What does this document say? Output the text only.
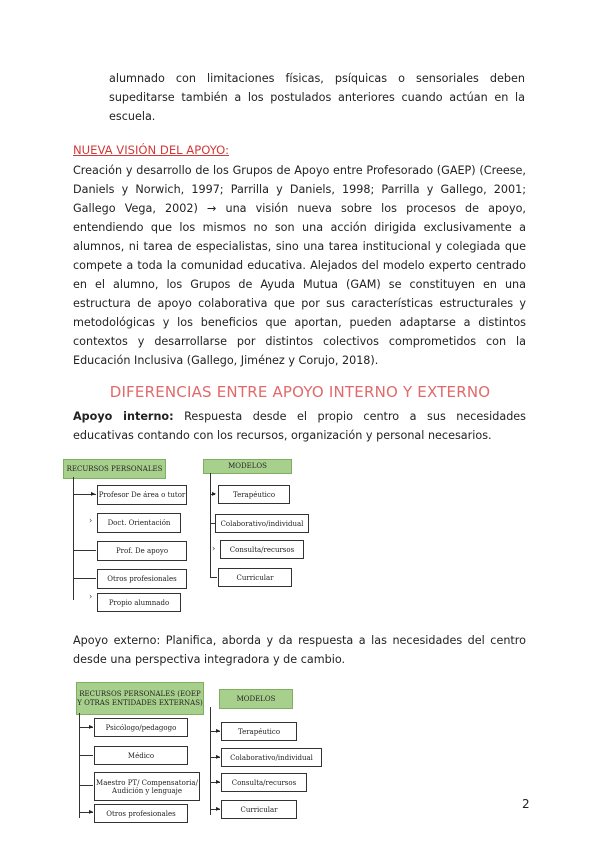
alumnado con limitaciones físicas, psíquicas o sensoriales deben supeditarse también a los postulados anteriores cuando actúan en la escuela.

NUEVA VISIÓN DEL APOYO:

Creación y desarrollo de los Grupos de Apoyo entre Profesorado (GAEP) (Creese, Daniels y Norwich, 1997; Parrilla y Daniels, 1998; Parrilla y Gallego, 2001; Gallego Vega, 2002) → una visión nueva sobre los procesos de apoyo, entendiendo que los mismos no son una acción dirigida exclusivamente a alumnos, ni tarea de especialistas, sino una tarea institucional y colegiada que compete a toda la comunidad educativa. Alejados del modelo experto centrado en el alumno, los Grupos de Ayuda Mutua (GAM) se constituyen en una estructura de apoyo colaborativa que por sus características estructurales y metodológicas y los beneficios que aportan, pueden adaptarse a distintos contextos y desarrollarse por distintos colectivos comprometidos con la Educación Inclusiva (Gallego, Jiménez y Corujo, 2018).

DIFERENCIAS ENTRE APOYO INTERNO Y EXTERNO

Apoyo interno: Respuesta desde el propio centro a sus necesidades educativas contando con los recursos, organización y personal necesarios.

RECURSOS PERSONALES	MODELOS
▸ Profesor De área o tutor
›	Doct. Orientación
Prof. De apoyo
Otros profesionales
›
Propio alumnado
▸	Terapéutico
Colaborativo/individual
›	Consulta/recursos
Curricular

Apoyo externo: Planifica, aborda y da respuesta a las necesidades del centro desde una perspectiva integradora y de cambio.

RECURSOS PERSONALES (EOEP Y OTRAS ENTIDADES EXTERNAS)	MODELOS
▸	Psicólogo/pedagogo
Médico
Maestro PT/ Compensatoria/ Audición y lenguaje
▸	Otros profesionales
▸	Terapéutico
▸	Colaborativo/individual
▸	Consulta/recursos
▸	Curricular	2
